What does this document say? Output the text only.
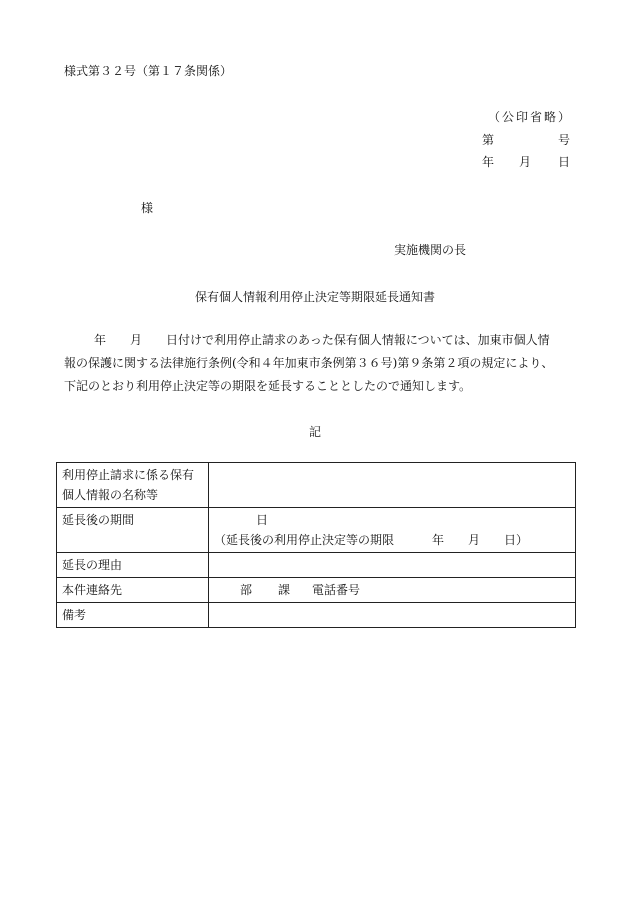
様式第３２号（第１７条関係）
（公印省略）
第	号
年 月 日
様
実施機関の長
保有個人情報利用停止決定等期限延長通知書
年 月 日付けで利用停止請求のあった保有個人情報については、加東市個人情
報の保護に関する法律施行条例(令和４年加東市条例第３６号)第９条第２項の規定により、
下記のとおり利用停止決定等の期限を延長することとしたので通知します。
記
利用停止請求に係る保有
個人情報の名称等	

延長後の期間	日
（延長後の利用停止決定等の期限 年 月 日）

延長の理由	
本件連絡先	部 課 電話番号
備考	
